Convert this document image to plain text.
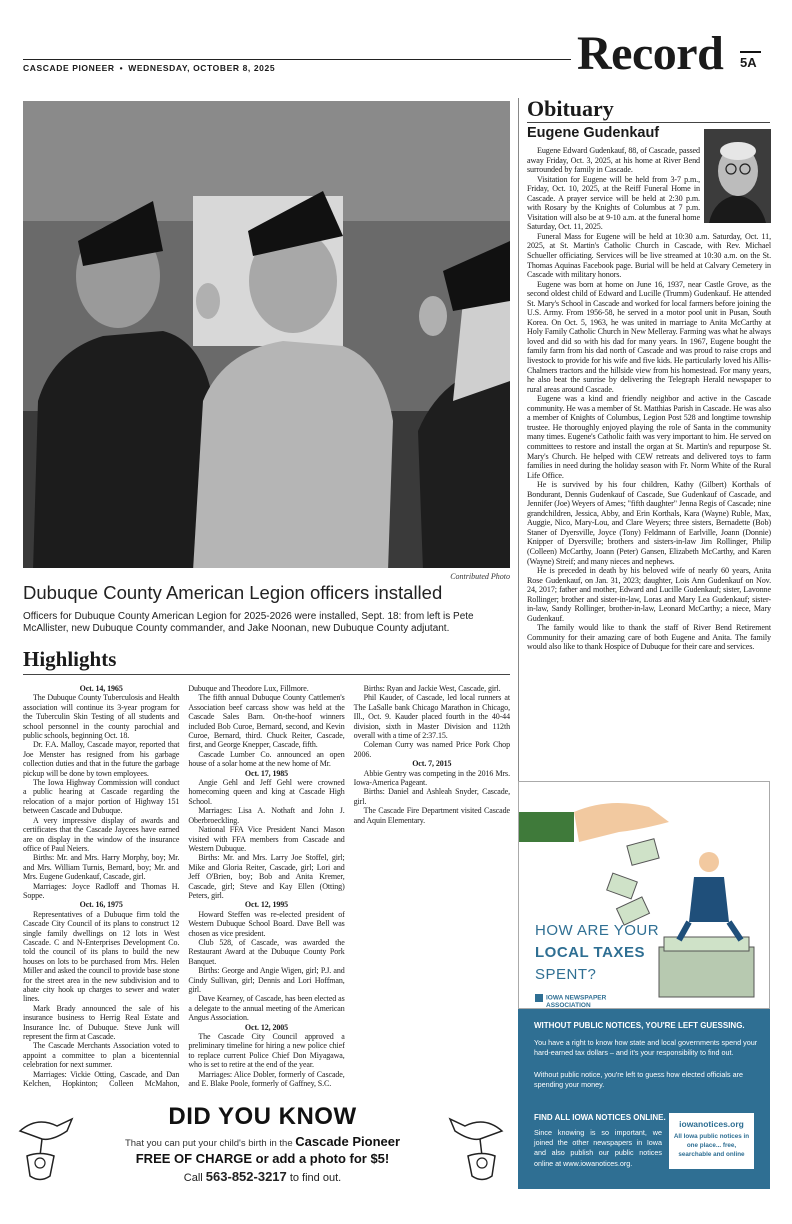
CASCADE PIONEER • WEDNESDAY, OCTOBER 8, 2025	Record 5A
Contributed Photo
Dubuque County American Legion officers installed
Officers for Dubuque County American Legion for 2025-2026 were installed, Sept. 18: from left is Pete McAllister, new Dubuque County commander, and Jake Noonan, new Dubuque County adjutant.
Obituary
Eugene Gudenkauf

Eugene Edward Gudenkauf, 88, of Cascade, passed away Friday, Oct. 3, 2025, at his home at River Bend surrounded by family in Cascade.

Visitation for Eugene will be held from 3-7 p.m., Friday, Oct. 10, 2025, at the Reiff Funeral Home in Cascade. A prayer service will be held at 2:30 p.m. with Rosary by the Knights of Columbus at 7 p.m. Visitation will also be at 9-10 a.m. at the funeral home Saturday, Oct. 11, 2025.

Funeral Mass for Eugene will be held at 10:30 a.m. Saturday, Oct. 11, 2025, at St. Martin's Catholic Church in Cascade, with Rev. Michael Schueller officiating. Services will be live streamed at 10:30 a.m. on the St. Thomas Aquinas Facebook page. Burial will be held at Calvary Cemetery in Cascade with military honors.

Eugene was born at home on June 16, 1937, near Castle Grove, as the second oldest child of Edward and Lucille (Trumm) Gudenkauf. He attended St. Mary's School in Cascade and worked for local farmers before joining the U.S. Army. From 1956-58, he served in a motor pool unit in Pusan, South Korea. On Oct. 5, 1963, he was united in marriage to Anita McCarthy at Holy Family Catholic Church in New Melleray. Farming was what he always loved and did so with his dad for many years. In 1967, Eugene bought the family farm from his dad north of Cascade and was proud to raise crops and livestock to provide for his wife and five kids. He particularly loved his Allis-Chalmers tractors and the hillside view from his homestead. For many years, he also beat the sunrise by delivering the Telegraph Herald newspaper to rural areas around Cascade.

Eugene was a kind and friendly neighbor and active in the Cascade community. He was a member of St. Matthias Parish in Cascade. He was also a member of Knights of Columbus, Legion Post 528 and longtime township trustee. He thoroughly enjoyed playing the role of Santa in the community many times. Eugene's Catholic faith was very important to him. He served on committees to restore and install the organ at St. Martin's and repurpose St. Mary's Church. He helped with CEW retreats and delivered toys to farm families in need during the holiday season with Fr. Norm White of the Rural Life Office.

He is survived by his four children, Kathy (Gilbert) Korthals of Bondurant, Dennis Gudenkauf of Cascade, Sue Gudenkauf of Cascade, and Jennifer (Joe) Weyers of Ames; "fifth daughter" Jenna Regis of Cascade; nine grandchildren, Jessica, Abby, and Erin Korthals, Kara (Wayne) Ruble, Max, Auggie, Nico, Mary-Lou, and Clare Weyers; three sisters, Bernadette (Bob) Staner of Dyersville, Joyce (Tony) Feldmann of Earlville, Joann (Donnie) Knipper of Dyersville; brothers and sisters-in-law Jim Rollinger, Philip (Colleen) McCarthy, Joann (Peter) Gansen, Elizabeth McCarthy, and Karen (Wayne) Streif; and many nieces and nephews.

He is preceded in death by his beloved wife of nearly 60 years, Anita Rose Gudenkauf, on Jan. 31, 2023; daughter, Lois Ann Gudenkauf on Nov. 24, 2017; father and mother, Edward and Lucille Gudenkauf; sister, Lavonne Rollinger; brother and sister-in-law, Loras and Mary Lea Gudenkauf; sister-in-law, Sandy Rollinger, brother-in-law, Leonard McCarthy; a niece, Mary Gudenkauf.

The family would like to thank the staff of River Bend Retirement Community for their amazing care of both Eugene and Anita. The family would also like to thank Hospice of Dubuque for their care and services.

Highlights

Oct. 14, 1965

The Dubuque County Tuberculosis and Health association will continue its 3-year program for the Tuberculin Skin Testing of all students and school personnel in the county parochial and public schools, beginning Oct. 18.

Dr. F.A. Malloy, Cascade mayor, reported that Joe Menster has resigned from his garbage collection duties and that in the future the garbage pickup will be done by town employees.

The Iowa Highway Commission will conduct a public hearing at Cascade regarding the relocation of a major portion of Highway 151 between Cascade and Dubuque.

A very impressive display of awards and certificates that the Cascade Jaycees have earned are on display in the window of the insurance office of Paul Neiers.

Births: Mr. and Mrs. Harry Morphy, boy; Mr. and Mrs. William Turnis, Bernard, boy; Mr. and Mrs. Eugene Gudenkauf, Cascade, girl.

Marriages: Joyce Radloff and Thomas H. Soppe.

Oct. 16, 1975

Representatives of a Dubuque firm told the Cascade City Council of its plans to construct 12 single family dwellings on 12 lots in West Cascade. C and N-Enterprises Development Co. told the council of its plans to build the new houses on lots to be purchased from Mrs. Helen Miller and asked the council to provide base stone for the street area in the new subdivision and to abate city hook up charges to sewer and water lines.

Mark Brady announced the sale of his insurance business to Herrig Real Estate and Insurance Inc. of Dubuque. Steve Junk will represent the firm at Cascade.

The Cascade Merchants Association voted to appoint a committee to plan a bicentennial celebration for next summer.

Marriages: Vickie Otting, Cascade, and Dan Kelchen, Hopkinton; Colleen McMahon, Dubuque and Theodore Lux, Fillmore.

The fifth annual Dubuque County Cattlemen's Association beef carcass show was held at the Cascade Sales Barn. On-the-hoof winners included Bob Curoe, Bernard, second, and Kevin Curoe, Bernard, third. Chuck Reiter, Cascade, first, and George Knepper, Cascade, fifth.

Cascade Lumber Co. announced an open house of a solar home at the new home of Mr.

Oct. 17, 1985

Angie Gehl and Jeff Gehl were crowned homecoming queen and king at Cascade High School.

Marriages: Lisa A. Nothaft and John J. Oberbroeckling.

National FFA Vice President Nanci Mason visited with FFA members from Cascade and Western Dubuque.

Births: Mr. and Mrs. Larry Joe Stoffel, girl; Mike and Gloria Reiter, Cascade, girl; Lori and Jeff O'Brien, boy; Bob and Anita Kremer, Cascade, girl; Steve and Kay Ellen (Otting) Peters, girl.

Oct. 12, 1995

Howard Steffen was re-elected president of Western Dubuque School Board. Dave Bell was chosen as vice president.

Club 528, of Cascade, was awarded the Restaurant Award at the Dubuque County Pork Banquet.

Births: George and Angie Wigen, girl; P.J. and Cindy Sullivan, girl; Dennis and Lori Hoffman, girl.

Dave Kearney, of Cascade, has been elected as a delegate to the annual meeting of the American Angus Association.

Oct. 12, 2005

The Cascade City Council approved a preliminary timeline for hiring a new police chief to replace current Police Chief Don Miyagawa, who is set to retire at the end of the year.

Marriages: Alice Dobler, formerly of Cascade, and E. Blake Poole, formerly of Gaffney, S.C.

Births: Ryan and Jackie West, Cascade, girl.

Phil Kauder, of Cascade, led local runners at The LaSalle bank Chicago Marathon in Chicago, Ill., Oct. 9. Kauder placed fourth in the 40-44 division, sixth in Master Division and 112th overall with a time of 2:37.15.

Coleman Curry was named Price Pork Chop 2006.

Oct. 7, 2015

Abbie Gentry was competing in the 2016 Mrs. Iowa-America Pageant.

Births: Daniel and Ashleah Snyder, Cascade, girl.

The Cascade Fire Department visited Cascade and Aquin Elementary.

DID YOU KNOW
That you can put your child's birth in the Cascade Pioneer
FREE OF CHARGE or add a photo for $5!
Call 563-852-3217 to find out.
HOW ARE YOUR
LOCAL TAXES
SPENT?
IOWA NEWSPAPER
ASSOCIATION
WITHOUT PUBLIC NOTICES, YOU'RE LEFT GUESSING.
You have a right to know how state and local governments spend your hard-earned tax dollars – and it's your responsibility to find out.
Without public notice, you're left to guess how elected officials are spending your money.
FIND ALL IOWA NOTICES ONLINE.
Since knowing is so important, we joined the other newspapers in Iowa and also publish our public notices online at www.iowanotices.org.
iowanotices.org
All Iowa public notices in
one place... free,
searchable and online
